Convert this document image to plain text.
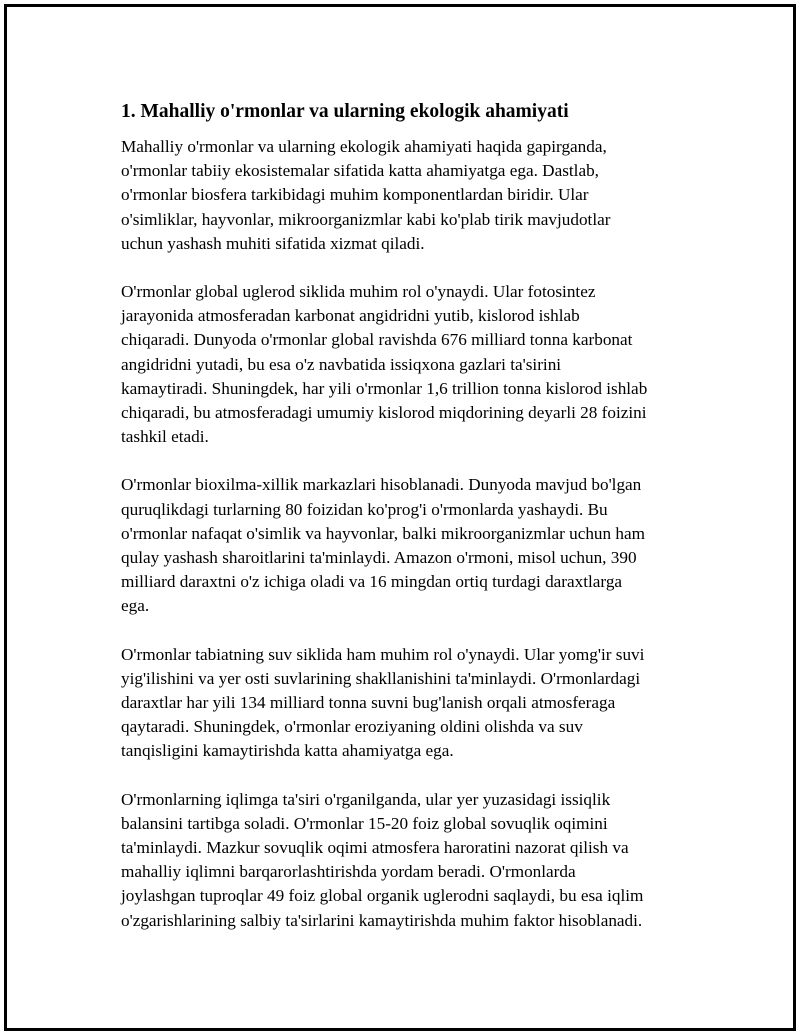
1. Mahalliy o'rmonlar va ularning ekologik ahamiyati

Mahalliy o'rmonlar va ularning ekologik ahamiyati haqida gapirganda,
o'rmonlar tabiiy ekosistemalar sifatida katta ahamiyatga ega. Dastlab,
o'rmonlar biosfera tarkibidagi muhim komponentlardan biridir. Ular
o'simliklar, hayvonlar, mikroorganizmlar kabi ko'plab tirik mavjudotlar
uchun yashash muhiti sifatida xizmat qiladi.

O'rmonlar global uglerod siklida muhim rol o'ynaydi. Ular fotosintez
jarayonida atmosferadan karbonat angidridni yutib, kislorod ishlab
chiqaradi. Dunyoda o'rmonlar global ravishda 676 milliard tonna karbonat
angidridni yutadi, bu esa o'z navbatida issiqxona gazlari ta'sirini
kamaytiradi. Shuningdek, har yili o'rmonlar 1,6 trillion tonna kislorod ishlab
chiqaradi, bu atmosferadagi umumiy kislorod miqdorining deyarli 28 foizini
tashkil etadi.

O'rmonlar bioxilma-xillik markazlari hisoblanadi. Dunyoda mavjud bo'lgan
quruqlikdagi turlarning 80 foizidan ko'prog'i o'rmonlarda yashaydi. Bu
o'rmonlar nafaqat o'simlik va hayvonlar, balki mikroorganizmlar uchun ham
qulay yashash sharoitlarini ta'minlaydi. Amazon o'rmoni, misol uchun, 390
milliard daraxtni o'z ichiga oladi va 16 mingdan ortiq turdagi daraxtlarga
ega.

O'rmonlar tabiatning suv siklida ham muhim rol o'ynaydi. Ular yomg'ir suvi
yig'ilishini va yer osti suvlarining shakllanishini ta'minlaydi. O'rmonlardagi
daraxtlar har yili 134 milliard tonna suvni bug'lanish orqali atmosferaga
qaytaradi. Shuningdek, o'rmonlar eroziyaning oldini olishda va suv
tanqisligini kamaytirishda katta ahamiyatga ega.

O'rmonlarning iqlimga ta'siri o'rganilganda, ular yer yuzasidagi issiqlik
balansini tartibga soladi. O'rmonlar 15-20 foiz global sovuqlik oqimini
ta'minlaydi. Mazkur sovuqlik oqimi atmosfera haroratini nazorat qilish va
mahalliy iqlimni barqarorlashtirishda yordam beradi. O'rmonlarda
joylashgan tuproqlar 49 foiz global organik uglerodni saqlaydi, bu esa iqlim
o'zgarishlarining salbiy ta'sirlarini kamaytirishda muhim faktor hisoblanadi.
